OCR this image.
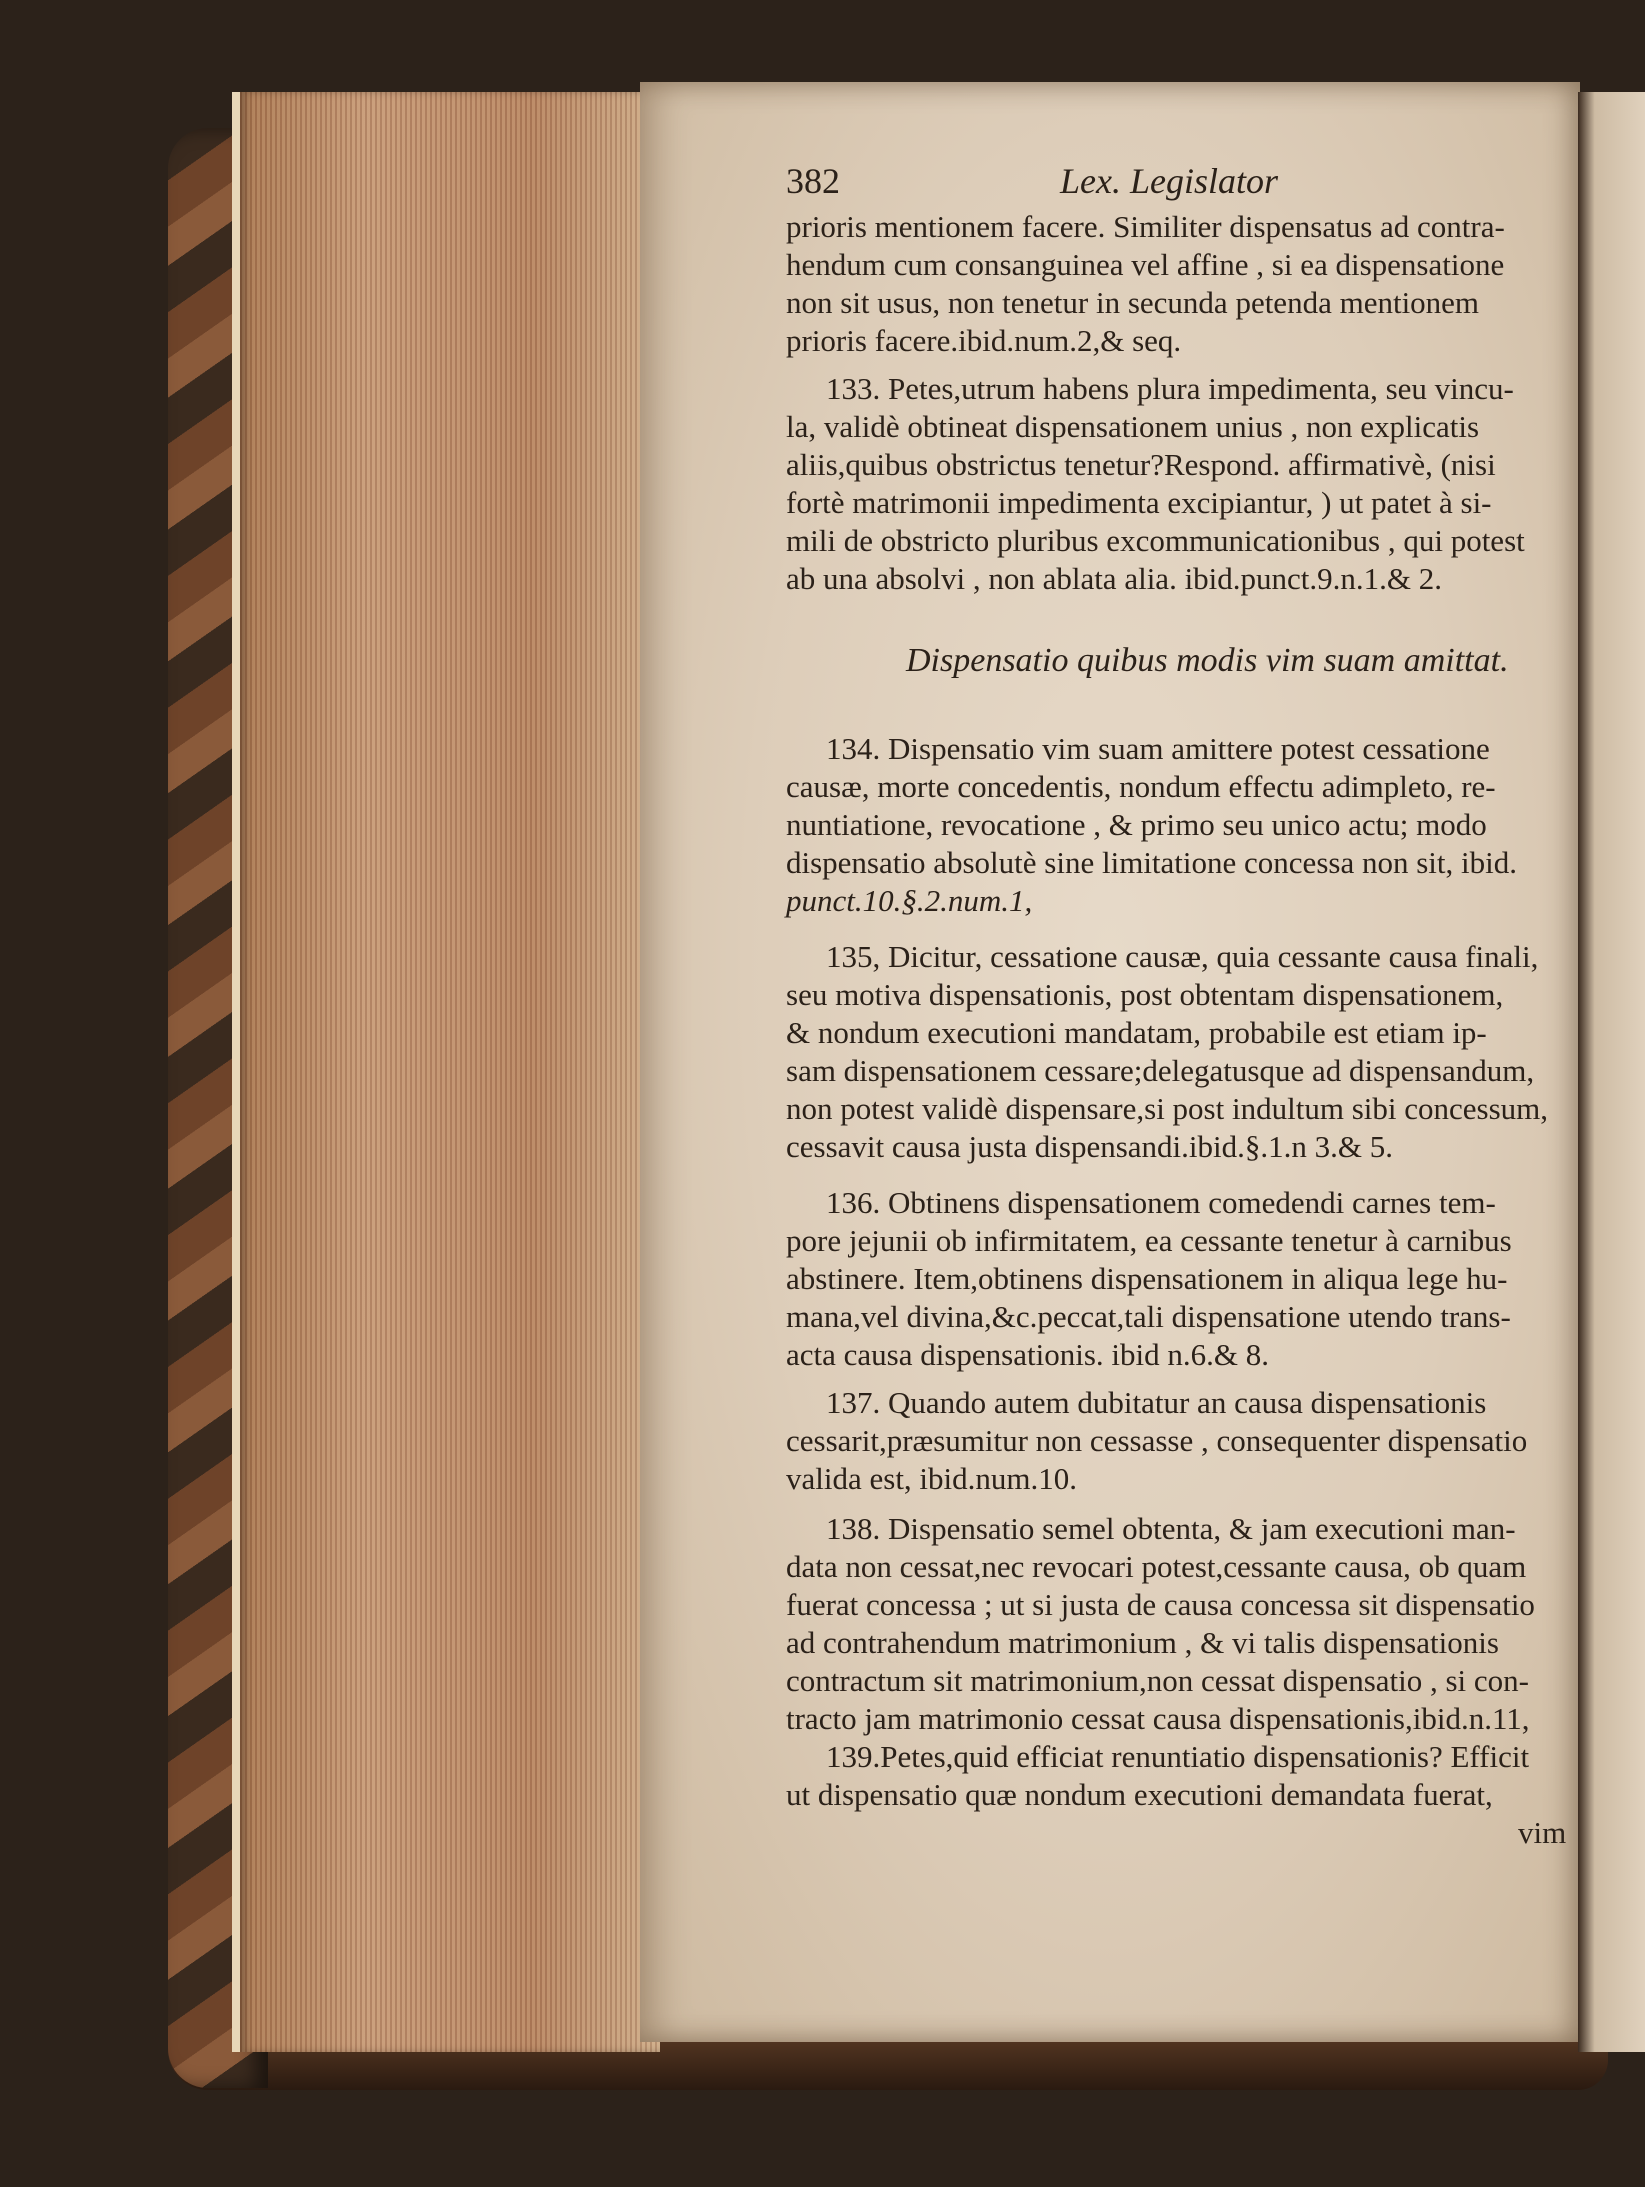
382	Lex. Legislator
prioris mentionem facere. Similiter dispensatus ad contra-
hendum cum consanguinea vel affine , si ea dispensatione
non sit usus, non tenetur in secunda petenda mentionem
prioris facere.ibid.num.2,& seq.
133. Petes,utrum habens plura impedimenta, seu vincu-
la, validè obtineat dispensationem unius , non explicatis
aliis,quibus obstrictus tenetur?Respond. affirmativè, (nisi
fortè matrimonii impedimenta excipiantur, ) ut patet à si-
mili de obstricto pluribus excommunicationibus , qui potest
ab una absolvi , non ablata alia. ibid.punct.9.n.1.& 2.
Dispensatio quibus modis vim suam amittat.
134. Dispensatio vim suam amittere potest cessatione
causæ, morte concedentis, nondum effectu adimpleto, re-
nuntiatione, revocatione , & primo seu unico actu; modo
dispensatio absolutè sine limitatione concessa non sit, ibid.
punct.10.§.2.num.1,
135, Dicitur, cessatione causæ, quia cessante causa finali,
seu motiva dispensationis, post obtentam dispensationem,
& nondum executioni mandatam, probabile est etiam ip-
sam dispensationem cessare;delegatusque ad dispensandum,
non potest validè dispensare,si post indultum sibi concessum,
cessavit causa justa dispensandi.ibid.§.1.n 3.& 5.
136. Obtinens dispensationem comedendi carnes tem-
pore jejunii ob infirmitatem, ea cessante tenetur à carnibus
abstinere. Item,obtinens dispensationem in aliqua lege hu-
mana,vel divina,&c.peccat,tali dispensatione utendo trans-
acta causa dispensationis. ibid n.6.& 8.
137. Quando autem dubitatur an causa dispensationis
cessarit,præsumitur non cessasse , consequenter dispensatio
valida est, ibid.num.10.
138. Dispensatio semel obtenta, & jam executioni man-
data non cessat,nec revocari potest,cessante causa, ob quam
fuerat concessa ; ut si justa de causa concessa sit dispensatio
ad contrahendum matrimonium , & vi talis dispensationis
contractum sit matrimonium,non cessat dispensatio , si con-
tracto jam matrimonio cessat causa dispensationis,ibid.n.11,
139.Petes,quid efficiat renuntiatio dispensationis? Efficit
ut dispensatio quæ nondum executioni demandata fuerat,
vim
